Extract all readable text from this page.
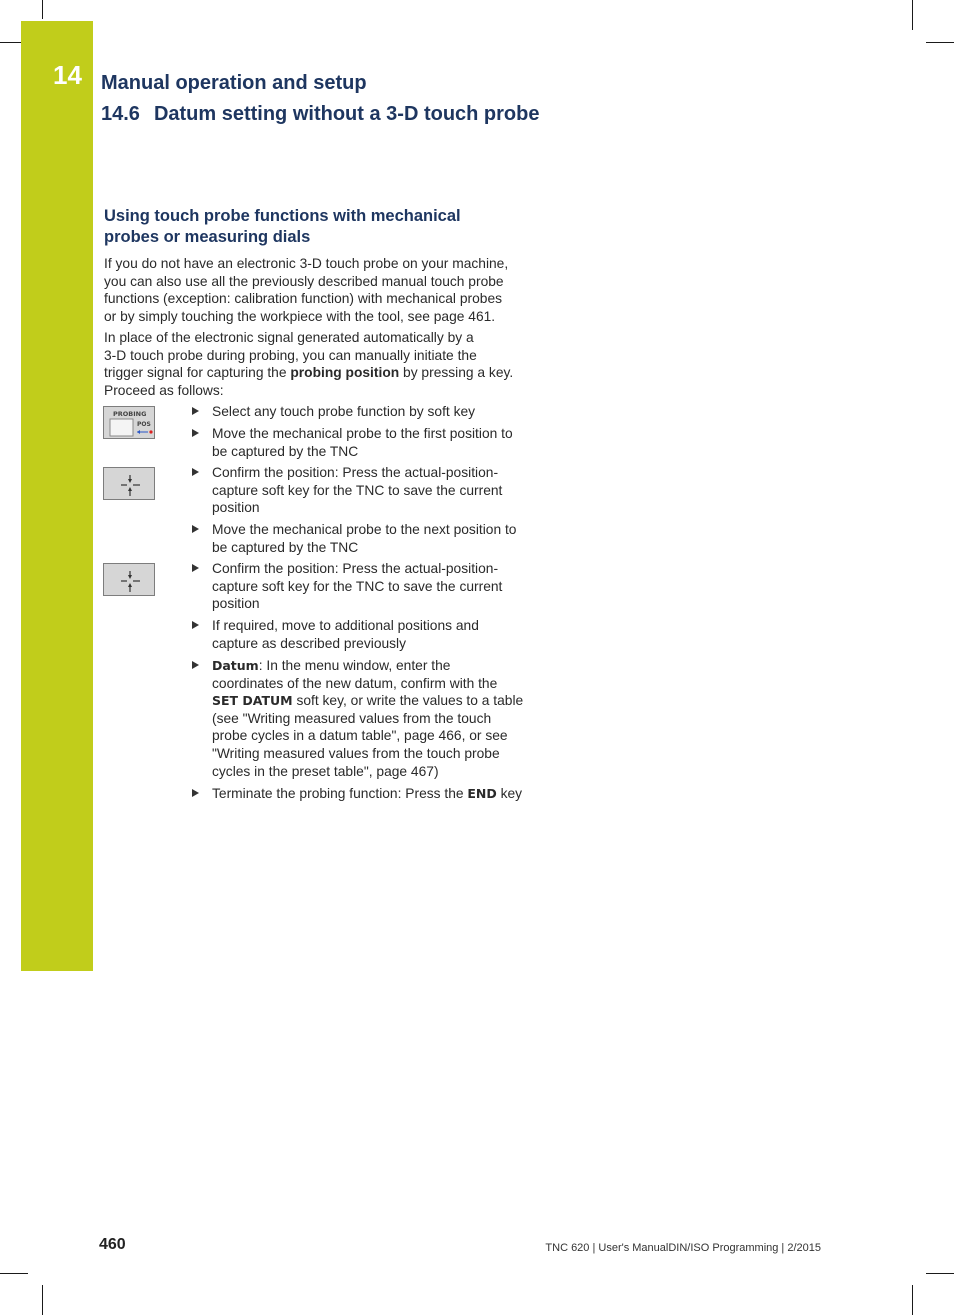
14 Manual operation and setup
14.6 Datum setting without a 3-D touch probe
Using touch probe functions with mechanical
probes or measuring dials
If you do not have an electronic 3-D touch probe on your machine,
you can also use all the previously described manual touch probe
functions (exception: calibration function) with mechanical probes
or by simply touching the workpiece with the tool, see page 461.
In place of the electronic signal generated automatically by a
3-D touch probe during probing, you can manually initiate the
trigger signal for capturing the probing position by pressing a key.
Proceed as follows:
PROBING
POS
Select any touch probe function by soft key
Move the mechanical probe to the first position to
be captured by the TNC
Confirm the position: Press the actual-position-
capture soft key for the TNC to save the current
position
Move the mechanical probe to the next position to
be captured by the TNC
Confirm the position: Press the actual-position-
capture soft key for the TNC to save the current
position
If required, move to additional positions and
capture as described previously
Datum: In the menu window, enter the
coordinates of the new datum, confirm with the
SET DATUM soft key, or write the values to a table
(see "Writing measured values from the touch
probe cycles in a datum table", page 466, or see
"Writing measured values from the touch probe
cycles in the preset table", page 467)
Terminate the probing function: Press the END key
460	TNC 620 | User's ManualDIN/ISO Programming | 2/2015
